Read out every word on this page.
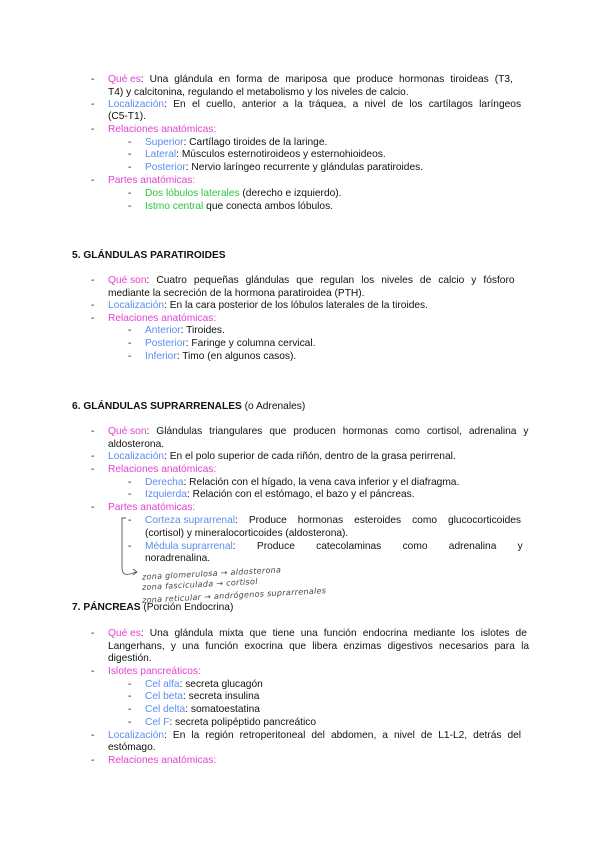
- Qué es: Una glándula en forma de mariposa que produce hormonas tiroideas (T3,
T4) y calcitonina, regulando el metabolismo y los niveles de calcio.
- Localización: En el cuello, anterior a la tráquea, a nivel de los cartílagos laríngeos
(C5-T1).
- Relaciones anatómicas:
- Superior: Cartílago tiroides de la laringe.
- Lateral: Músculos esternotiroideos y esternohioideos.
- Posterior: Nervio laríngeo recurrente y glándulas paratiroides.
- Partes anatómicas:
- Dos lóbulos laterales (derecho e izquierdo).
- Istmo central que conecta ambos lóbulos.
5. GLÁNDULAS PARATIROIDES
- Qué son: Cuatro pequeñas glándulas que regulan los niveles de calcio y fósforo
mediante la secreción de la hormona paratiroidea (PTH).
- Localización: En la cara posterior de los lóbulos laterales de la tiroides.
- Relaciones anatómicas:
- Anterior: Tiroides.
- Posterior: Faringe y columna cervical.
- Inferior: Timo (en algunos casos).
6. GLÁNDULAS SUPRARRENALES (o Adrenales)
- Qué son: Glándulas triangulares que producen hormonas como cortisol, adrenalina y
aldosterona.
- Localización: En el polo superior de cada riñón, dentro de la grasa perirrenal.
- Relaciones anatómicas:
- Derecha: Relación con el hígado, la vena cava inferior y el diafragma.
- Izquierda: Relación con el estómago, el bazo y el páncreas.
- Partes anatómicas:
- Corteza suprarrenal: Produce hormonas esteroides como glucocorticoides
(cortisol) y mineralocorticoides (aldosterona).
- Médula suprarrenal: Produce catecolaminas como adrenalina y
noradrenalina.
zona glomerulosa → aldosterona
zona fasciculada → cortisol
zona reticular → andrógenos suprarrenales
7. PÁNCREAS (Porción Endocrina)
- Qué es: Una glándula mixta que tiene una función endocrina mediante los islotes de
Langerhans, y una función exocrina que libera enzimas digestivos necesarios para la
digestión.
- Islotes pancreáticos:
- Cel alfa: secreta glucagón
- Cel beta: secreta insulina
- Cel delta: somatoestatina
- Cel F: secreta polipéptido pancreático
- Localización: En la región retroperitoneal del abdomen, a nivel de L1-L2, detrás del
estómago.
- Relaciones anatómicas:
